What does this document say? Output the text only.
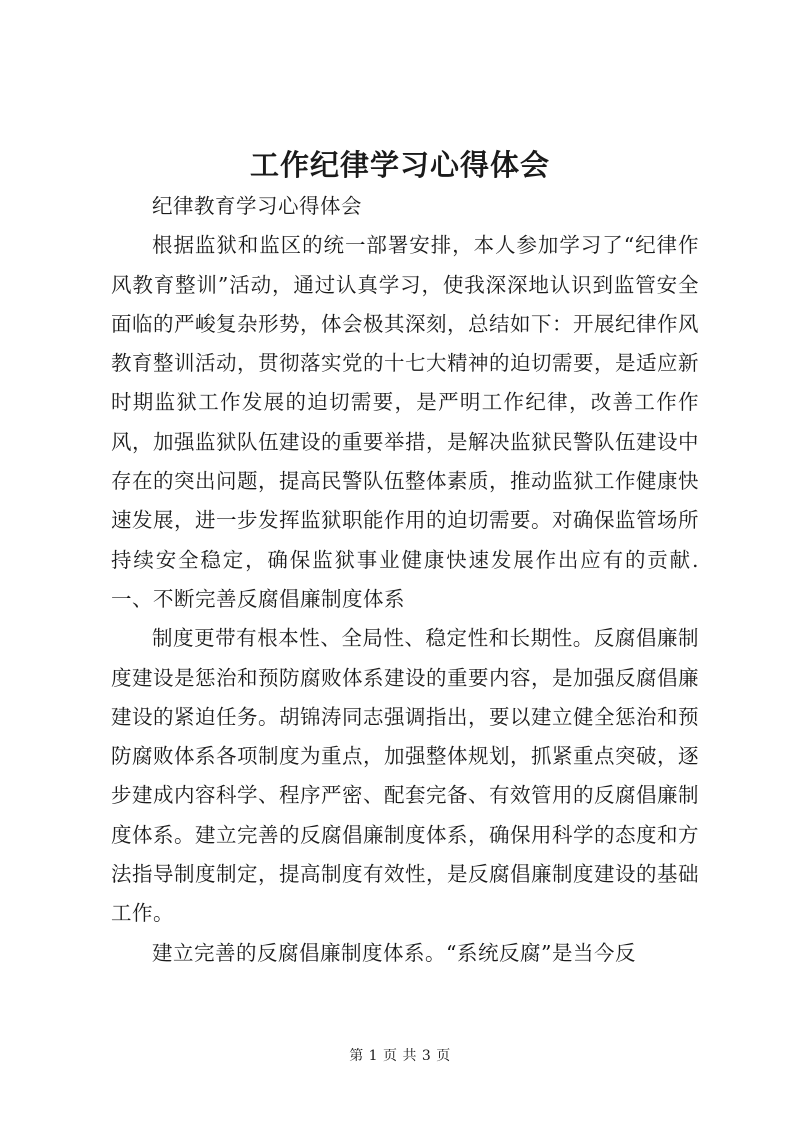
工作纪律学习心得体会

纪律教育学习心得体会

根据监狱和监区的统一部署安排，本人参加学习了“纪律作风教育整训”活动，通过认真学习，使我深深地认识到监管安全面临的严峻复杂形势，体会极其深刻，总结如下：开展纪律作风教育整训活动，贯彻落实党的十七大精神的迫切需要，是适应新时期监狱工作发展的迫切需要，是严明工作纪律，改善工作作风，加强监狱队伍建设的重要举措，是解决监狱民警队伍建设中存在的突出问题，提高民警队伍整体素质，推动监狱工作健康快速发展，进一步发挥监狱职能作用的迫切需要。对确保监管场所持续安全稳定，确保监狱事业健康快速发展作出应有的贡献. 一、不断完善反腐倡廉制度体系

制度更带有根本性、全局性、稳定性和长期性。反腐倡廉制度建设是惩治和预防腐败体系建设的重要内容，是加强反腐倡廉建设的紧迫任务。胡锦涛同志强调指出，要以建立健全惩治和预防腐败体系各项制度为重点，加强整体规划，抓紧重点突破，逐步建成内容科学、程序严密、配套完备、有效管用的反腐倡廉制度体系。建立完善的反腐倡廉制度体系，确保用科学的态度和方法指导制度制定，提高制度有效性，是反腐倡廉制度建设的基础工作。

建立完善的反腐倡廉制度体系。“系统反腐”是当今反

第 1 页 共 3 页
